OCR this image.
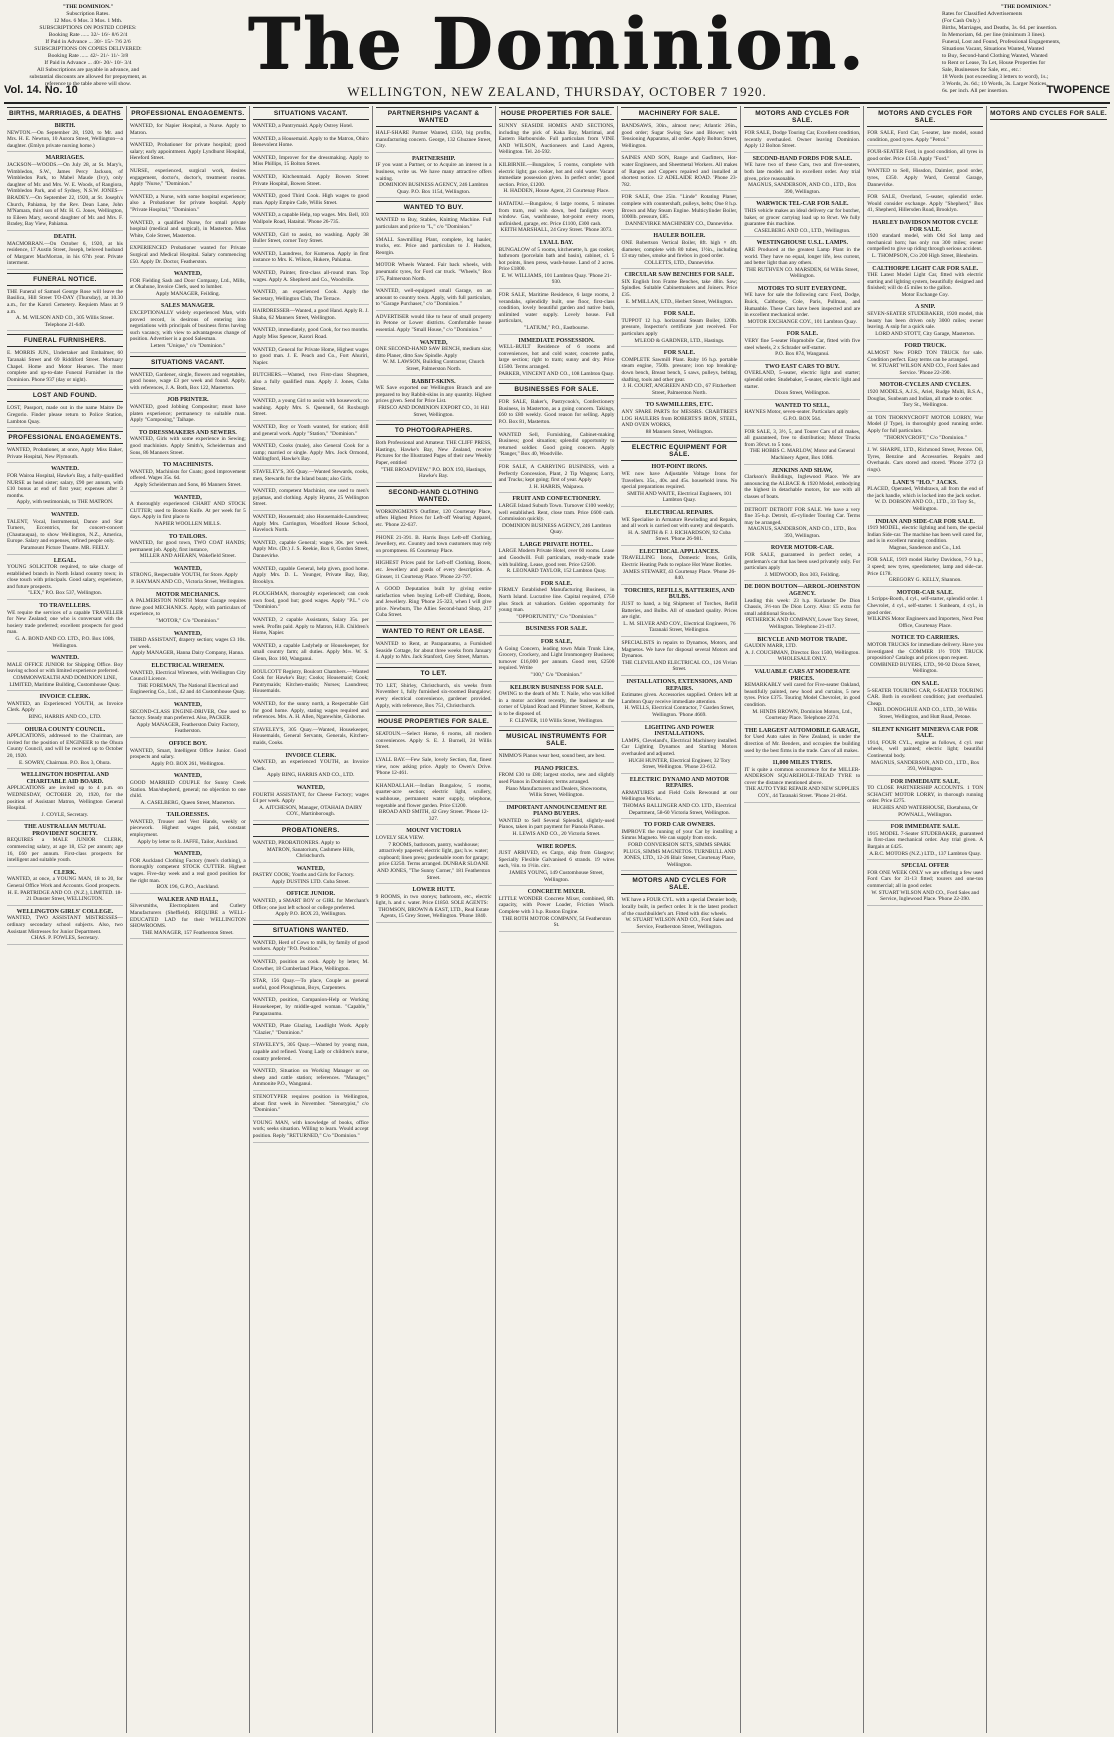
"THE DOMINION."
Subscription Rates.
12 Mos. 6 Mos. 3 Mos. 1 Mth.
SUBSCRIPTIONS ON POSTED COPIES:
Booking Rate ...... 32/- 16/- 8/6 2/4
If Paid in Advance ... 30/- 15/- 7/6 2/6
SUBSCRIPTIONS ON COPIES DELIVERED:
Booking Rate ...... 42/- 21/- 11/- 3/8
If Paid in Advance ... 40/- 20/- 10/- 3/4
All Subscriptions are payable in advance, and
substantial discounts are allowed for prepayment, as
reference to the table above will show.	The Dominion.	"THE DOMINION."
Rates for Classified Advertisements
(For Cash Only.)
Births, Marriages, and Deaths, 3s. 6d. per insertion.
In Memoriam, 6d. per line (minimum 3 lines).
Funeral, Lost and Found, Professional Engagements,
Situations Vacant, Situations Wanted, Wanted
to Buy, Second-hand Clothing Wanted, Wanted
to Rent or Lease, To Let, House Properties for
Sale, Businesses for Sale, etc., etc.:
18 Words (not exceeding 3 letters to word), 1s.;
3 Words, 2s. 6d.; 10 Words, 3s. Larger Notices,
6s. per inch. All per insertion.
Vol. 14. No. 10	WELLINGTON, NEW ZEALAND, THURSDAY, OCTOBER 7 1920.	TWOPENCE
BIRTHS, MARRIAGES, & DEATHS
BIRTH.
NEWTON.—On September 28, 1920, to Mr. and Mrs. H. E. Newton, 10 Aurora Street, Wellington—a daughter. (Emlyn private nursing home.)
MARRIAGES.
JACKSON—WOODS.—On July 28, at St. Mary's, Wimbledon, S.W., James Percy Jackson, of Wimbledon Park, to Mabel Maude (Ivy), only daughter of Mr. and Mrs. W. E. Woods, of Rangiora, Wimbledon Park, and of Sydney, N.S.W. JONES—BRADEY.—On September 22, 1920, at St. Joseph's Church, Pahiatua, by the Rev. Dean Lane, John M'Namara, third son of Mr. H. G. Jones, Wellington, to Eileen Mary, second daughter of Mr. and Mrs. F. Bradey, Bay View, Pahiatua.
DEATH.
MACMORRAN.—On October 6, 1920, at his residence, 17 Austin Street, Joseph, beloved husband of Margaret MacMorran, in his 67th year. Private interment.
FUNERAL NOTICE.
THE Funeral of Samuel George Rose will leave the Basilica, Hill Street TO-DAY (Thursday), at 10.30 a.m., for the Karori Cemetery. Requiem Mass at 9 a.m.
A. M. WILSON AND CO., 305 Willis Street. Telephone 21-640.
FUNERAL FURNISHERS.
E. MORRIS JUN., Undertaker and Embalmer, 60 Taranaki Street and 69 Riddiford Street. Mortuary Chapel. Home and Motor Hearses. The most complete and up-to-date Funeral Furnisher in the Dominion. Phone 937 (day or night).
LOST AND FOUND.
LOST, Passport, made out in the name Maitre De Gregorio. Finder please return to Police Station, Lambton Quay.
PROFESSIONAL ENGAGEMENTS.
WANTED, Probationer, at once, Apply Miss Baker, Private Hospital, New Plymouth.
WANTED.
FOR Wairoa Hospital, Hawke's Bay, a fully-qualified NURSE as head sister; salary, £90 per annum, with £10 bonus at end of first year; expenses after 3 months.
Apply, with testimonials, to THE MATRON.
WANTED.
TALENT, Vocal, Instrumental, Dance and Star Turners, Eccentrics, for concert-concert (Chautauqua), to show Wellington, N.Z., America, Europe. Salary and expenses, refined people only.
Paramount Picture Theatre. MR. FEELY.
LEGAL.
YOUNG SOLICITOR required, to take charge of established branch in North Island country town; in close touch with principals. Good salary, experience, and future prospects.
"LEX," P.O. Box 537, Wellington.
TO TRAVELLERS.
WE require the services of a capable TRAVELLER for New Zealand; one who is conversant with the hosiery trade preferred; excellent prospects for good man.
G. A. BOND AND CO. LTD., P.O. Box 1006, Wellington.
WANTED.
MALE OFFICE JUNIOR for Shipping Office. Boy leaving school or with limited experience preferred.
COMMONWEALTH AND DOMINION LINE, LIMITED, Maritime Building, Customhouse Quay.
INVOICE CLERK.
WANTED, an Experienced YOUTH, as Invoice Clerk. Apply
BING, HARRIS AND CO., LTD.
OHURA COUNTY COUNCIL.
APPLICATIONS, addressed to the Chairman, are invited for the position of ENGINEER to the Ohura County Council, and will be received up to October 20, 1920.
E. SOWRY, Chairman. P.O. Box 3, Ohura.
WELLINGTON HOSPITAL AND CHARITABLE AID BOARD.
APPLICATIONS are invited up to 4 p.m. on WEDNESDAY, OCTOBER 20, 1920, for the position of Assistant Matron, Wellington General Hospital.
J. COYLE, Secretary.
THE AUSTRALIAN MUTUAL PROVIDENT SOCIETY.
REQUIRES a MALE JUNIOR CLERK, commencing salary, at age 18, £52 per annum; age 16, £60 per annum. First-class prospects for intelligent and suitable youth.
CLERK.
WANTED, at once, a YOUNG MAN, 18 to 20, for General Office Work and Accounts. Good prospects.
H. E. PARTRIDGE AND CO. (N.Z.), LIMITED. 18-21 Dunster Street, WELLINGTON.
WELLINGTON GIRLS' COLLEGE.
WANTED, TWO ASSISTANT MISTRESSES—ordinary secondary school subjects. Also, two Assistant Mistresses for Junior Department.
CHAS. P. FOWLES, Secretary.
PROFESSIONAL ENGAGEMENTS.
WANTED, for Napier Hospital, a Nurse. Apply to Matron.
WANTED, Probationer for private hospital; good salary; early appointment. Apply Lyndhurst Hospital, Hereford Street.
NURSE, experienced, surgical work, desires engagement, doctor's, doctor's, treatment rooms. Apply "Nurse," "Dominion."
WANTED, a Nurse, with some hospital experience; also a Probationer for private hospital. Apply "Private Hospital," "Dominion."
WANTED, a qualified Nurse, for small private hospital (medical and surgical), in Masterton. Miss White, Cole Street, Masterton.
EXPERIENCED Probationer wanted for Private Surgical and Medical Hospital. Salary commencing £50. Apply Dr. Doctor, Featherston.
WANTED,
FOR Fielding Sash and Door Company, Ltd., Mills, at Okahune, Invoice Clerk, used to lumber.
Apply MANAGER, Feilding.
SALES MANAGER.
EXCEPTIONALLY widely experienced Man, with proved record, is desirous of entering into negotiations with principals of business firms having such vacancy, with view to advantageous change of position. Advertiser is a good Salesman.
Letters "Unique," c/o "Dominion."
SITUATIONS VACANT.
WANTED, Gardener, single, flowers and vegetables, good house, wage £3 per week and found. Apply, with references, J. A. Both, Box 122, Masterton.
JOB PRINTER.
WANTED, good Jobbing Compositor; must have platen experience; permanency to suitable man. Apply "Composing," Taihape.
TO DRESSMAKERS AND SEWERS.
WANTED, Girls with some experience in Sewing; good machinists. Apply Smith's, Scheiderman and Sons, 86 Manners Street.
TO MACHINISTS.
WANTED, Machinists for Coats; good improvement offered. Wages 35s. 6d.
Apply Scheiderman and Sons, 86 Manners Street.
WANTED,
A thoroughly experienced CHART AND STOCK CUTTER; used to Boston Knife. At per week for 5 days. Apply in first place to
NAPIER WOOLLEN MILLS.
TO TAILORS.
WANTED, for good town, TWO COAT HANDS; permanent job. Apply, first instance,
MILLER AND AHEARN, Wakefield Street.
WANTED,
STRONG, Respectable YOUTH, for Store. Apply
P. HAYMAN AND CO., Victoria Street, Wellington.
MOTOR MECHANICS.
A PALMERSTON NORTH Motor Garage requires three good MECHANICS. Apply, with particulars of experience, to
"MOTOR," C/o "Dominion."
WANTED,
THIRD ASSISTANT, drapery section; wages £3 10s. per week.
Apply MANAGER, Hanna Dairy Company, Hanna.
ELECTRICAL WIREMEN.
WANTED, Electrical Wiremen, with Wellington City Council Licence.
THE FOREMAN, The National Electrical and Engineering Co., Ltd., 42 and 44 Customhouse Quay.
WANTED,
SECOND-CLASS ENGINE-DRIVER, One used to factory. Steady man preferred. Also, PACKER.
Apply MANAGER, Featherston Dairy Factory, Featherston.
OFFICE BOY.
WANTED, Smart, Intelligent Office Junior. Good prospects and salary.
Apply P.O. BOX 261, Wellington.
WANTED,
GOOD MARRIED COUPLE for Sunny Creek Station. Man/shepherd, general; no objection to one child.
A. CASELBERG, Queen Street, Masterton.
TAILORESSES.
WANTED, Trouser and Vest Hands, weekly or piecework. Highest wages paid, constant employment.
Apply by letter to R. JAFFE, Tailor, Auckland.
WANTED,
FOR Auckland Clothing Factory (men's clothing), a thoroughly competent STOCK CUTTER. Highest wages. Five-day week and a real good position for the right man.
BOX 196, G.P.O., Auckland.
WALKER AND HALL,
Silversmiths, Electroplaters and Cutlery Manufacturers (Sheffield). REQUIRE a WELL-EDUCATED LAD for their WELLINGTON SHOWROOMS.
THE MANAGER, 157 Featherston Street.
SITUATIONS VACANT.
WANTED, a Pantrymaid. Apply Ostrey Hotel.
WANTED, a Housemaid. Apply to the Matron, Ohiro Benevolent Home.
WANTED, Improver for the dressmaking. Apply to Miss Phillips, 15 Bolton Street.
WANTED, Kitchenmaid. Apply Bowen Street Private Hospital, Bowen Street.
WANTED, good Third Cook. High wages to good man. Apply Empire Cafe, Willis Street.
WANTED, a capable Help, top wages. Mrs. Bell, 103 Wallpole Road, Hataitai. 'Phone 26-735.
WANTED, Girl to assist, no washing. Apply 38 Buller Street, corner Tory Street.
WANTED, Laundress, for Kumeroa. Apply in first instance to Mrs. K. Wilson, Hukere, Pahiatua.
WANTED, Painter, first-class all-round man. Top wages. Apply A. Shepherd and Co., Woodville.
WANTED, an experienced Cook. Apply the Secretary, Wellington Club, The Terrace.
HAIRDRESSER—Wanted, a good Hand. Apply R. J. Shaba, 62 Manners Street, Wellington.
WANTED, immediately, good Cook, for two months. Apply Miss Spencer, Karori Road.
WANTED, General for Private Home, Highest wages to good man. J. E. Peach and Co., Fort Ahuriri, Napier.
BUTCHERS.—Wanted, two First-class Shopmen, also a fully qualified man. Apply J. Jones, Cuba Street.
WANTED, a young Girl to assist with housework; no washing. Apply Mrs. S. Quennell, 64 Roxburgh Street.
WANTED, Boy or Youth wanted, for station; drill and general work. Apply "Station," "Dominion."
WANTED, Cooks (male), also General Cook for a camp; married or single. Apply Mrs. Jock Ormond, Wallingford, Hawke's Bay.
STAVELEY'S, 305 Quay.—Wanted Stewards, cooks, men, Stewards for the Island boats; also Girls.
WANTED, competent Machinist, one used to men's pyjamas, and clothing. Apply Hyams, 25 Wellington Street.
WANTED, Housemaid; also Housemaids-Laundress; Apply Mrs. Carrington, Woodford House School, Havelock North.
WANTED, capable General; wages 30s. per week. Apply Mrs. (Dr.) J. S. Reekie, Box 8, Gordon Street, Dannevirke.
WANTED, capable General, help given, good home. Apply Mrs. D. L. Younger, Private Bay, Bay, Brooklyn.
PLOUGHMAN, thoroughly experienced; can cook own food, good hut; good wages. Apply "P.L." c/o "Dominion."
WANTED, 2 capable Assistants, Salary 35s. per week. Profits paid. Apply to Matron, H.B. Children's Home, Napier.
WANTED, a capable Ladyhelp or Housekeeper, for small country farm; all duties. Apply Mrs. W. S. Glenn, Box 160, Wanganui.
BOULCOTT Registry, Boulcott Chambers.—Wanted Cook for Hawke's Bay; Cooks; Housemaid; Cook; Pantrymaids; Kitchen-maids; Nurses; Laundress; Housemaids.
WANTED, for the sunny north, a Respectable Girl for good home. Apply, stating wages required and references. Mrs. A. H. Allen, Ngarewhite, Gisborne.
STAVELEY'S, 305 Quay.—Wanted, Housekeeper, Housemaids, General Servants, Generals, Kitchen-maids, Cooks.
INVOICE CLERK.
WANTED, an experienced YOUTH, as Invoice Clerk.
Apply BING, HARRIS AND CO., LTD.
WANTED,
FOURTH ASSISTANT, for Cheese Factory; wages £4 per week. Apply
A. AITCHESON, Manager, OTAHAIA DAIRY COY., Martinborough.
PROBATIONERS.
WANTED, PROBATIONERS. Apply to
MATRON, Sanatorium, Cashmere Hills, Christchurch.
WANTED,
PASTRY COOK; Youths and Girls for Factory.
Apply DUSTINS LTD. Cuba Street.
OFFICE JUNIOR.
WANTED, a SMART BOY or GIRL for Merchant's Office; one just left school or college preferred.
Apply P.O. BOX 23, Wellington.
SITUATIONS WANTED.
WANTED, Herd of Cows to milk, by family of good workers. Apply "P.O. Position."
WANTED, position as cook. Apply by letter, M. Crowther, 18 Cumberland Place, Wellington.
STAR, 156 Quay.—To place, Couple as general useful, good Ploughman, Boys, Carpenters.
WANTED, position, Companion-Help or Working Housekeeper, by middle-aged woman. "Capable," Paraparaumu.
WANTED, Plate Glazing, Leadlight Work. Apply "Glazier," "Dominion."
STAVELEY'S, 305 Quay.—Wanted by young man, capable and refined. Young Lady or children's nurse, country preferred.
WANTED, Situation on Working Manager or on sheep and cattle station; references. "Manager," Ammonite P.O., Wanganui.
STENOTYPER requires position in Wellington, about first week in November. "Stenotypist," c/o "Dominion."
YOUNG MAN, with knowledge of books, office work; seeks situation. Willing to learn. Would accept position. Reply "RETURNED," C/o "Dominion."
PARTNERSHIPS VACANT & WANTED
HALF-SHARE Partner Wanted, £350, big profits, manufacturing concern. George, 132 Ghuznee Street, City.
PARTNERSHIP.
IF you want a Partner, or to Acquire an interest in a business, write us. We have many attractive offers waiting.
DOMINION BUSINESS AGENCY, 246 Lambton Quay. P.O. Box 1154, Wellington.
WANTED TO BUY.
WANTED to Buy, Stables, Knitting Machine. Full particulars and price to "L," c/o "Dominion."
SMALL Sawmilling Plant, complete, log hauler, trucks, etc. Price and particulars to J. Hudson, Reorgin.
MOTOR Wheels Wanted. Fair back wheels, with pneumatic tyres, for Ford car truck. "Wheels," Box 175, Palmerston North.
WANTED, well-equipped small Garage, on an amount to country town. Apply, with full particulars, to "Garage Purchaser," c/o "Dominion."
ADVERTISER would like to hear of small property in Petone or Lower districts. Comfortable house essential. Apply "Small House," c/o "Dominion."
WANTED,
ONE SECOND-HAND SAW BENCH, medium size; ditto Planer, ditto Saw Spindle. Apply
W. M. LAWSON, Building Contractor, Church Street, Palmerston North.
RABBIT-SKINS.
WE Save exported our Wellington Branch and are prepared to buy Rabbit-skins in any quantity. Highest prices given. Send for Price List.
FRISCO AND DOMINION EXPORT CO., 31 Hill Street, Wellington.
TO PHOTOGRAPHERS.
Both Professional and Amateur. THE CLIFF PRESS, Hastings, Hawke's Bay, New Zealand, receive Pictures for the Illustrated Pages of their new Weekly Paper, entitled
"THE BROADVIEW." P.O. BOX 193, Hastings, Hawke's Bay.
SECOND-HAND CLOTHING WANTED.
WORKINGMEN'S Outfitter, 120 Courtenay Place, offers Highest Prices for Left-off Wearing Apparel, etc. 'Phone 22-637.
PHONE 21-391. B. Harris Buys Left-off Clothing, Jewellery, etc. Country and town customers may rely on promptness. 85 Courtenay Place.
HIGHEST Prices paid for Left-off Clothing, Boots, etc. Jewellery and goods of every description. A. Ginsser, 11 Courtenay Place. 'Phone 22-797.
A GOOD Deputation built by giving entire satisfaction when buying Left-off Clothing, Boots, and Jewellery. Ring 'Phone 25-323, when I will give price. Newburn, The Allies Second-hand Shop, 217 Cuba Street.
WANTED TO RENT OR LEASE.
WANTED to Rent, at Paraparaumu, a Furnished Seaside Cottage, for about three weeks from January 4. Apply to Mrs. Jack Stanford, Grey Street, Marton.
TO LET.
TO LET, Shirley, Christchurch, six weeks from November 1, fully furnished six-roomed Bungalow; every electrical convenience, gardener provided. Apply, with reference, Box 751, Christchurch.
HOUSE PROPERTIES FOR SALE.
SEATOUN.—Select Home, 6 rooms, all modern conveniences. Apply S. E. J. Burnell, 24 Willis Street.
LYALL BAY.—Few Sale, lovely Section, flat, finest view, now asking price. Apply to Owen's Drive. 'Phone 12-461.
KHANDALLAH.—Indian Bungalow, 5 rooms, quarter-acre section; electric light, scullery, washhouse, permanent water supply, telephone, vegetable and flower garden. Price £1200.
BROAD AND SMITH, 42 Grey Street. 'Phone 12-327.
MOUNT VICTORIA
LOVELY SEA VIEW.
7 ROOMS, bathroom, pantry, washhouse; attractively papered; electric light, gas; h.w. water; cupboard; linen press; gardenable room for garage; price £3250. Terms arranged. DUNBAR SLOANE AND JONES, "The Sunny Corner," 181 Featherston Street.
LOWER HUTT.
9 ROOMS, in two storeys; bathroom, etc., electric light, h. and c. water. Price £1850. SOLE AGENTS:
THOMSON, BROWN & EAST, LTD., Real Estate Agents, 15 Grey Street, Wellington. 'Phone 1840.
HOUSE PROPERTIES FOR SALE.
SUNNY SEASIDE HOMES AND SECTIONS, including the pick of Kaka Bay, Marrimai, and Eastern Harbourside. Full particulars from VINE AND WILSON, Auctioneers and Land Agents, Wellington. Tel. 24-592.
KILBIRNIE.—Bungalow, 5 rooms, complete with electric light; gas cooker, hot and cold water. Vacant immediate possession given. In perfect order; good section. Price, £1200.
H. HADDEN, House Agent, 21 Courtenay Place.
HATAITAI.—Bungalow, 6 large rooms, 5 minutes from tram, real win down, bed fanlights every window. Gas, washhouse, hot-point every room, unfinished, garage, etc. Price £1100, £300 cash.
KEITH MARSHALL, 24 Grey Street. 'Phone 3073.
LYALL BAY.
BUNGALOW of 5 rooms, kitchenette, h. gas cooker, bathroom (porcelain bath and basin), cabinet, cl. 5 hot points, linen press, wash-house. Land of 2 acres. Price £1800.
E. W. WILLIAMS, 101 Lambton Quay. 'Phone 21-930.
FOR SALE, Maritime Residence, 6 large rooms, 2 verandahs, splendidly built, one floor, first-class condition, lovely beautiful garden and native bush, unlimited water supply. Lovely house. Full particulars,
"LATIUM," P.O., Eastbourne.
IMMEDIATE POSSESSION.
WELL-BUILT Residence of 6 rooms and conveniences, hot and cold water, concrete paths, large section; right to tram; sunny and dry. Price £1500. Terms arranged.
PARKER, VINCENT AND CO., 108 Lambton Quay.
BUSINESSES FOR SALE.
FOR SALE, Baker's, Pastrycook's, Confectionery Business, in Masterton, as a going concern. Takings, £60 to £80 weekly. Good reason for selling. Apply P.O. Box 81, Masterton.
WANTED Sell, Furnishing, Cabinet-making Business; good situation; splendid opportunity to returned soldier. Good going concern. Apply "Ranger," Box 40, Woodville.
FOR SALE, A CARRYING BUSINESS, with a Perfectly Concession, Plant, 2 Tip Wagons; Lorry, and Trucks; kept going; first of year. Apply
J. H. HARRIS, Waipawa.
FRUIT AND CONFECTIONERY.
LARGE Island Suburb Town. Turnover £100 weekly; well established. Rent, close tram. Price £600 cash. Commission quickly.
DOMINION BUSINESS AGENCY, 246 Lambton Quay.
LARGE PRIVATE HOTEL.
LARGE Modern Private Hotel, over 60 rooms. Lease and Goodwill. Full particulars, ready-made trade with building. Lease, good rent. Price £2500.
R. LEONARD TAYLOR, 152 Lambton Quay.
FOR SALE.
FIRMLY Established Manufacturing Business, in North Island. Lucrative line. Capital required, £750 plus Stock at valuation. Golden opportunity for young man.
"OPPORTUNITY," C/o "Dominion."
BUSINESS FOR SALE.
FOR SALE,
A Going Concern, leading town Main Trunk Line, Grocery, Crockery, and Light Ironmongery Business; turnover £16,000 per annum. Good rent, £2500 required. Wrtite
"100," C/o "Dominion."
KELBURN BUSINESS FOR SALE.
OWING to the death of Mr. T. Naile, who was killed in a motor accident recently, the business at the corner of Upland Road and Plimmer Street, Kelburn, is to be disposed of.
F. CLEWER, 110 Willis Street, Wellington.
MUSICAL INSTRUMENTS FOR SALE.
NIMMO'S Pianos wear best, sound best, are best.
PIANO PRICES.
FROM £30 to £80; largest stocks, new and slightly used Pianos in Dominion; terms arranged.
Piano Manufacturers and Dealers, Showrooms, Willis Street, Wellington.
IMPORTANT ANNOUNCEMENT RE PIANO BUYERS.
WANTED to Sell Several Splendid, slightly-used Pianos, taken in part payment for Pianola Pianos.
H. LEWIS AND CO., 20 Victoria Street.
WIRE ROPES.
JUST ARRIVED, ex Cargo, ship from Glasgow; Specially Flexible Galvanised 6 strands. 19 wires each, ½in. to 1½in. circ.
JAMES YOUNG, 149 Customhouse Street, Wellington.
CONCRETE MIXER.
LITTLE WONDER Concrete Mixer, combined, 8ft. capacity, with Power Loader, Friction Winch. Complete with 3 h.p. Ruston Engine.
THE ROTH MOTOR COMPANY, 54 Featherston St.
MACHINERY FOR SALE.
BANDSAWS, 30in., almost new; Atlantic 26in., good order; Sugar Swing Saw and Blower; with Tensioning Apparatus, all order. Apply Bolton Street, Wellington.
SAINES AND SON, Range and Gasfitters, Hot-water Engineers, and Sheetmetal Workers. All makes of Ranges and Coppers repaired and installed at shortest notice. 12 ADELAIDE ROAD. 'Phone 23-782.
FOR SALE, One 25in. "Linde" Rotating Planer, complete with countershaft, pulleys, belts; One 8 h.p. Brown and May Steam Engine. Multicylinder Boiler, 1000lb. pressure, £85.
DANNEVIRKE MACHINERY CO., Dannevirke.
HAULER BOILER.
ONE Robertson Vertical Boiler, 8ft. high × 4ft. diameter, complete with 80 tubes, 1½in., including 13 stay tubes, smoke and firebox in good order.
COLLETTS, LTD., Dannevirke.
CIRCULAR SAW BENCHES FOR SALE.
SIX English Iron Frame Benches, take 48in. Saw; Spindles. Suitable Cabinetmakers and Joiners. Price £35.
E. M'MILLAN, LTD., Herbert Street, Wellington.
FOR SALE.
TUPPOT 12 h.p. horizontal Steam Boiler, 120lb. pressure, Inspector's certificate just received. For particulars apply
M'LEOD & GARDNER, LTD., Hastings.
FOR SALE.
COMPLETE Sawmill Plant. Ruby 16 h.p. portable steam engine, 750lb. pressure; iron top breaking-down bench, Breast bench, 5 saws, pulleys, belting, shafting, tools and other gear.
J. H. COURT, ANGREEN AND CO., 67 Fitzherbert Street, Palmerston North.
TO SAWMILLERS, ETC.
ANY SPARE PARTS for MESSRS. CRABTREE'S LOG HAULERS from ROBERTS'S IRON, STEEL, AND OVEN WORKS,
88 Manners Street, Wellington.
ELECTRIC EQUIPMENT FOR SALE.
HOT-POINT IRONS.
WE now have Adjustable Voltage Irons for Travellers. 35s., 40s. and 45s. household irons. No special preparations required.
SMITH AND WAITE, Electrical Engineers, 101 Lambton Quay.
ELECTRICAL REPAIRS.
WE Specialise in Armature Rewinding and Repairs, and all work is carried out with surety and despatch.
H. A. SMITH & F. J. RICHARDSON, 92 Cuba Street. 'Phone 26-981.
ELECTRICAL APPLIANCES.
TRAVELLING Irons, Domestic Irons, Grills, Electric Heating Pads to replace Hot Water Bottles.
JAMES STEWART, 43 Courtenay Place. 'Phone 26-840.
TORCHES, REFILLS, BATTERIES, AND BULBS.
JUST to hand, a big Shipment of Torches, Refill Batteries, and Bulbs. All of standard quality. Prices are right.
L. M. SILVER AND COY., Electrical Engineers, 76 Taranaki Street, Wellington.
SPECIALISTS in repairs to Dynamos, Motors, and Magnetos. We have for disposal several Motors and Dynamos.
THE CLEVELAND ELECTRICAL CO., 126 Vivian Street.
INSTALLATIONS, EXTENSIONS, AND REPAIRS.
Estimates given. Accessories supplied. Orders left at Lambton Quay receive immediate attention.
H. WELLS, Electrical Contractor, 7 Garden Street, Wellington. 'Phone 4669.
LIGHTING AND POWER INSTALLATIONS.
LAMPS, Cleveland's, Electrical Machinery installed. Car Lighting Dynamos and Starting Motors overhauled and adjusted.
HUGH HUNTER, Electrical Engineer, 32 Tory Street, Wellington. 'Phone 23-612.
ELECTRIC DYNAMO AND MOTOR REPAIRS.
ARMATURES and Field Coils Rewound at our Wellington Works.
THOMAS BALLINGER AND CO. LTD., Electrical Department, 58-60 Victoria Street, Wellington.
TO FORD CAR OWNERS.
IMPROVE the running of your Car by installing a Simms Magneto. We can supply from stock.
FORD CONVERSION SETS, SIMMS SPARK PLUGS, SIMMS MAGNETOS. TURNBULL AND JONES, LTD., 12-26 Blair Street, Courtenay Place, Wellington.
MOTORS AND CYCLES FOR SALE.
WE have a FOUR CYL. with a special Dennier body, locally built, in perfect order. It is the latest product of the coachbuilder's art. Fitted with disc wheels.
W. STUART WILSON AND CO., Ford Sales and Service, Featherston Street, Wellington.
MOTORS AND CYCLES FOR SALE.
FOR SALE, Dodge Touring Car, Excellent condition, recently overhauled. Owner leaving Dominion. Apply 12 Bolton Street.
SECOND-HAND FORDS FOR SALE.
WE have two of these Cars, two and five-seaters, both late models and in excellent order. Any trial given, price reasonable.
MAGNUS, SANDERSON, AND CO., LTD., Box 390, Wellington.
WARWICK TEL-CAR FOR SALE.
THIS vehicle makes an ideal delivery car for butcher, baker, or grocer carrying load up to 8cwt. We fully guarantee this machine.
CASELBERG AND CO., LTD., Wellington.
WESTINGHOUSE U.S.L. LAMPS.
ARE Produced at the greatest Lamp Plant in the world. They have no equal, longer life, less current, and better light than any others.
THE RUTHVEN CO. MARSDEN, 64 Willis Street, Wellington.
MOTORS TO SUIT EVERYONE.
WE have for sale the following cars: Ford, Dodge, Buick, Calthorpe, Cole, Paris, Pullman, and Humanble. These Cars have been inspected and are in excellent mechanical order.
MOTOR EXCHANGE COY., 101 Lambton Quay.
FOR SALE.
VERY fine 5-seater Hupmobile Car, fitted with five steel wheels, 2 x Schrader self-starter.
P.O. Box 874, Wanganui.
TWO EAST CARS TO BUY.
OVERLAND, 5-seater, electric light and starter; splendid order. Studebaker, 5-seater, electric light and starter.
Dixon Street, Wellington.
WANTED TO SELL,
HAYNES Motor, seven-seater. Particulars apply
G.P.O. BOX 564.
FOR SALE, 3, 3½, 5, and Tourer Cars of all makes, all guaranteed, free to distribution; Motor Trucks from 30cwt. to 5 tons.
THE HOBBS C. MARLOW, Motor and General Machinery Agent, Box 1086.
JENKINS AND SHAW,
Clarkson's Buildings, Inglewood Place. We are announcing the ALBACE & 1920 Model, embodying the highest in detachable motors, for use with all classes of boats.
DETROIT DETROIT FOR SALE. We have a very fine 35-h.p. Detroit, 45-cylinder Touring Car. Terms may be arranged.
MAGNUS, SANDERSON, AND CO., LTD., Box 393, Wellington.
ROVER MOTOR-CAR.
FOR SALE, guaranteed in perfect order, a gentleman's car that has been used privately only. For particulars apply
J. MIDWOOD, Box 303, Feilding.
DE DION BOUTON—ARROL-JOHNSTON AGENCY.
Leading this week: 23 h.p. Kurlander De Dion Chassis, 3½-ton De Dion Lorry. Also: £5 extra for small additional Stocks.
PETHERICK AND COMPANY, Lower Tory Street, Wellington. Telephone 21-417.
BICYCLE AND MOTOR TRADE.
GAUDIN MARR, LTD.
A. J. COUCHMAN, Director. Box 1500, Wellington. WHOLESALE ONLY.
VALUABLE CARS AT MODERATE PRICES.
REMARKABLY well cared for Five-seater Oakland, beautifully painted, new hood and curtains, 5 new tyres. Price £375. Touring Model Chevrolet, in good condition.
M. HINDS BROWN, Dominion Motors, Ltd., Courtenay Place. Telephone 2274.
THE LARGEST AUTOMOBILE GARAGE,
for Used Auto sales in New Zealand, is under the direction of Mr. Benders, and occupies the building used by the best firms in the trade. Cars of all makes.
11,000 MILES TYRES.
IT is quite a common occurrence for the MILLER-ANDERSON SQUAREHOLE-TREAD TYRE to cover the distance mentioned above.
THE AUTO TYRE REPAIR AND NEW SUPPLIES COY., 44 Taranaki Street. 'Phone 21-864.
MOTORS AND CYCLES FOR SALE.
FOR SALE, Ford Car, 5-seater, late model, sound condition, good tyres. Apply "Petrol."
FOUR-SEATER Ford, in good condition, all tyres in good order. Price £150. Apply "Ford."
WANTED to Sell, Hissdon, Daimler, good order, tyres, £350. Apply Ward, Central Garage, Dannevirke.
FOR SALE, Overland, 5-seater, splendid order. Would consider exchange. Apply "Shepherd," Box 41, Shepherd, Hillersden Road, Brooklyn.
HARLEY DAVIDSON MOTOR CYCLE FOR SALE.
1920 standard model, with Old Sol lamp and mechanical horn; has only run 300 miles; owner compelled to give up riding through serious accident.
L. THOMPSON, C/o 200 High Street, Blenheim.
CALTHORPE LIGHT CAR FOR SALE.
THE Latest Model Light Car, fitted with electric starting and lighting system, beautifully designed and finished; will do 45 miles to the gallon.
Motor Exchange Coy.
A SNIP.
SEVEN-SEATER STUDEBAKER, 1920 model, this beauty has been driven only 3000 miles; owner leaving. A snip for a quick sale.
LORD AND STOTT, City Garage, Masterton.
FORD TRUCK.
ALMOST New FORD TON TRUCK for sale. Condition perfect. Easy terms can be arranged.
W. STUART WILSON AND CO., Ford Sales and Service. 'Phone 22-390.
MOTOR-CYCLES AND CYCLES.
1920 MODELS, A.J.S., Ariel, Rudge Multi, B.S.A., Douglas, Sunbeam and Indian, all made to order.
Tory St., Wellington.
44 TON THORNYCROFT MOTOR LORRY, War Model (J Type), in thoroughly good running order. Apply for full particulars.
"THORNYCROFT," C/o "Dominion."
J. W. SHARPE, LTD., Richmond Street, Petone. Oil, Tyres, Benzine and Accessories. Repairs and Overhauls. Cars stored and stored. 'Phone 3772 (3 rings).
LANE'S "H.O." JACKS.
PLACED, Operated, Withdrawn, all from the end of the jack handle, which is locked into the jack socket.
W. D. DOBSON AND CO., LTD., 33 Tory St., Wellington.
INDIAN AND SIDE-CAR FOR SALE.
1919 MODEL, electric lighting and horn, the special Indian Side-car. The machine has been well cared for, and is in excellent running condition.
Magnus, Sanderson and Co., Ltd.
FOR SALE, 1919 model Harley Davidson, 7-9 h.p., 3 speed; new tyres, speedometer, lamp and side-car. Price £178.
GREGORY G. KELLY, Shannon.
MOTOR-CAR SALE.
1 Scripps-Booth, 4 cyl., self-starter, splendid order. 1 Chevrolet, 4 cyl., self-starter. 1 Sunbeam, 4 cyl., in good order.
WILKINS Motor Engineers and Importers, Next Post Office, Courtenay Place.
NOTICE TO CARRIERS.
MOTOR TRUCKS for immediate delivery. Have you investigated the COMMER 1½ TON TRUCK proposition? Catalogs and prices upon request.
COMBINED BUYERS, LTD., 90-92 Dixon Street, Wellington.
ON SALE.
5-SEATER TOURING CAR, 6-SEATER TOURING CAR. Both in excellent condition; just overhauled. Cheap.
NEIL DONOGHUE AND CO., LTD., 30 Willis Street, Wellington, and Hutt Road, Petone.
SILENT KNIGHT MINERVA CAR FOR SALE.
1914, FOUR CYL., engine as follows, 4 cyl. rear wheels, well painted; electric light; beautiful Continental body.
MAGNUS, SANDERSON, AND CO., LTD., Box 393, Wellington.
FOR IMMEDIATE SALE,
TO CLOSE PARTNERSHIP ACCOUNTS. 1 TON SCHACHT MOTOR LORRY, in thorough running order. Price £275.
HUGHES AND WATERHOUSE, Eketahuna, Or POWNALL, Wellington.
FOR IMMEDIATE SALE.
1915 MODEL 7-Seater STUDEBAKER, guaranteed in first-class mechanical order. Any trial given. A Bargain at £425.
A.B.C. MOTORS (N.Z.) LTD., 137 Lambton Quay.
SPECIAL OFFER
FOR ONE WEEK ONLY we are offering a few used Ford Cars for 31-13 fitted; tourers and one-ton commercial; all in good order.
W. STUART WILSON AND CO., Ford Sales and Service, Inglewood Place. 'Phone 22-390.
MOTORS AND CYCLES FOR SALE.
